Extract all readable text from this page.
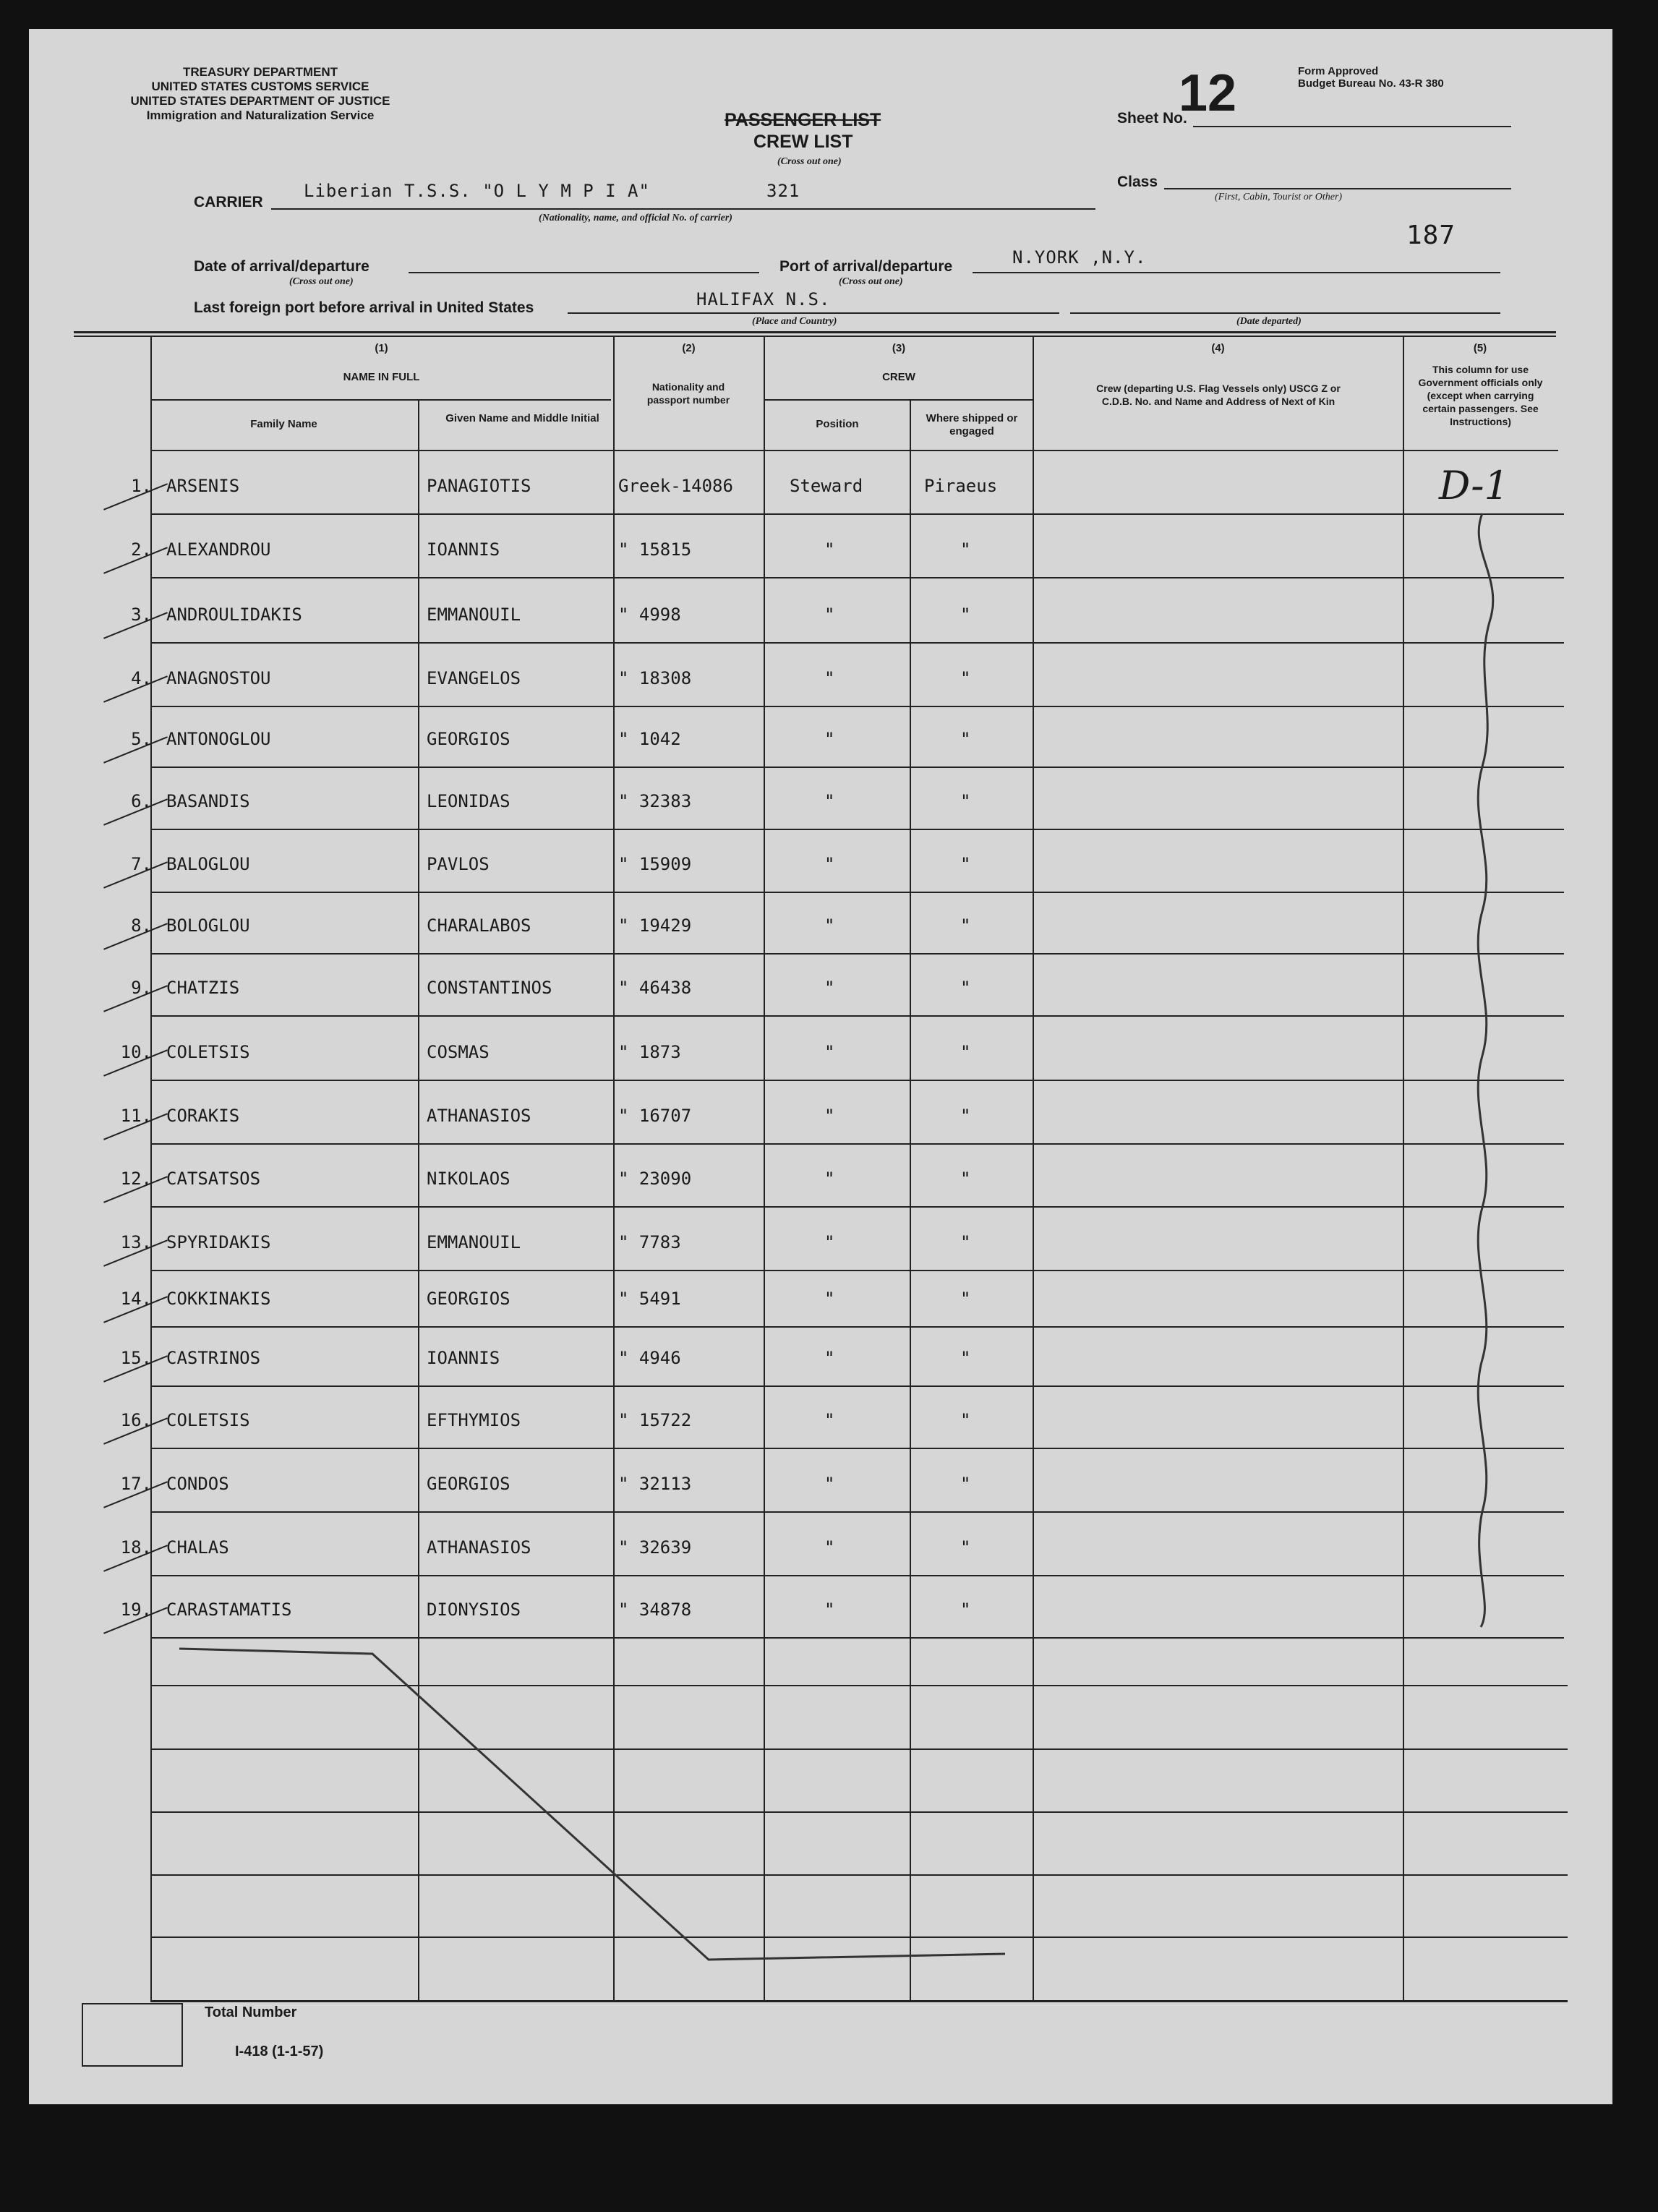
TREASURY DEPARTMENT
UNITED STATES CUSTOMS SERVICE
UNITED STATES DEPARTMENT OF JUSTICE
Immigration and Naturalization Service	PASSENGER LIST
CREW LIST
(Cross out one)
Sheet No.
12	Form Approved
Budget Bureau No. 43-R 380
Class
(First, Cabin, Tourist or Other)
187
CARRIER
Liberian T.S.S. "O L Y M P I A"	321
(Nationality, name, and official No. of carrier)
Date of arrival/departure
(Cross out one)
Port of arrival/departure	N.YORK ,N.Y.
(Cross out one)
Last foreign port before arrival in United States	HALIFAX N.S.
(Place and Country)	(Date departed)
(1)
NAME IN FULL
Family Name	Given Name and Middle Initial
(2)
Nationality and passport number
(3)
CREW
Position	Where shipped or engaged
(4)
Crew (departing U.S. Flag Vessels only) USCG Z or C.D.B. No. and Name and Address of Next of Kin
(5)
This column for use Government officials only (except when carrying certain passengers. See Instructions)
1. ARSENIS	PANAGIOTIS	Greek-14086	Steward	Piraeus
2. ALEXANDROU	IOANNIS	" 15815	"	"
3. ANDROULIDAKIS	EMMANOUIL	" 4998	"	"
4. ANAGNOSTOU	EVANGELOS	" 18308	"	"
5. ANTONOGLOU	GEORGIOS	" 1042	"	"
6. BASANDIS	LEONIDAS	" 32383	"	"
7. BALOGLOU	PAVLOS	" 15909	"	"
8. BOLOGLOU	CHARALABOS	" 19429	"	"
9. CHATZIS	CONSTANTINOS	" 46438	"	"
10. COLETSIS	COSMAS	" 1873	"	"
11. CORAKIS	ATHANASIOS	" 16707	"	"
12. CATSATSOS	NIKOLAOS	" 23090	"	"
13. SPYRIDAKIS	EMMANOUIL	" 7783	"	"
14. COKKINAKIS	GEORGIOS	" 5491	"	"
15. CASTRINOS	IOANNIS	" 4946	"	"
16. COLETSIS	EFTHYMIOS	" 15722	"	"
17. CONDOS	GEORGIOS	" 32113	"	"
18. CHALAS	ATHANASIOS	" 32639	"	"
19. CARASTAMATIS	DIONYSIOS	" 34878	"	"
D-1
Total Number
I-418 (1-1-57)
